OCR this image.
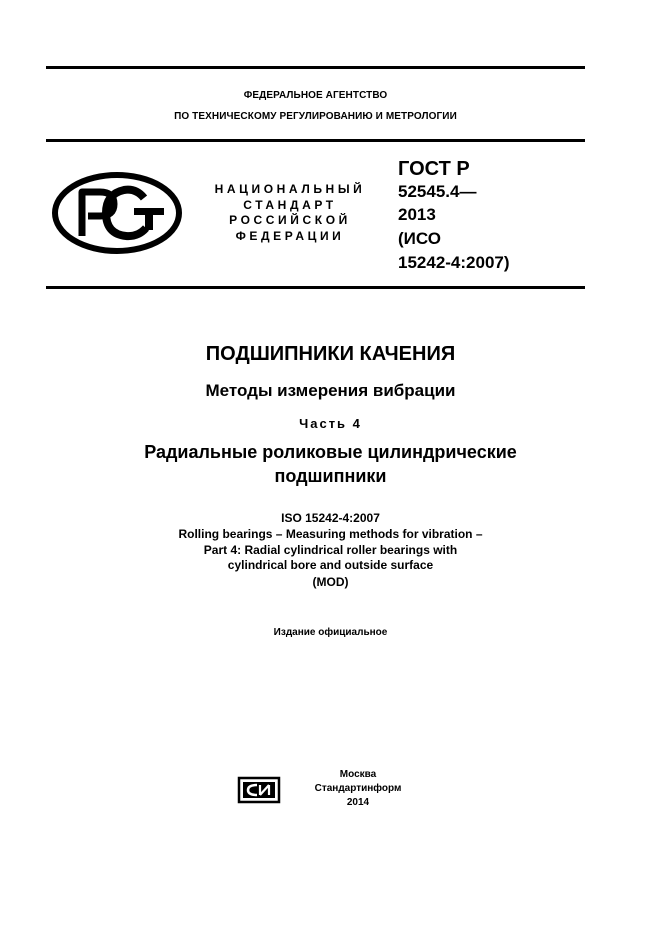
ФЕДЕРАЛЬНОЕ АГЕНТСТВО
ПО ТЕХНИЧЕСКОМУ РЕГУЛИРОВАНИЮ И МЕТРОЛОГИИ
НАЦИОНАЛЬНЫЙ
СТАНДАРТ
РОССИЙСКОЙ
ФЕДЕРАЦИИ
ГОСТ Р
52545.4—
2013
(ИСО
15242-4:2007)
ПОДШИПНИКИ КАЧЕНИЯ
Методы измерения вибрации
Часть 4
Радиальные роликовые цилиндрические
подшипники
ISO 15242-4:2007
Rolling bearings – Measuring methods for vibration –
Part 4: Radial cylindrical roller bearings with
cylindrical bore and outside surface
(MOD)
Издание официальное
Москва
Стандартинформ
2014
